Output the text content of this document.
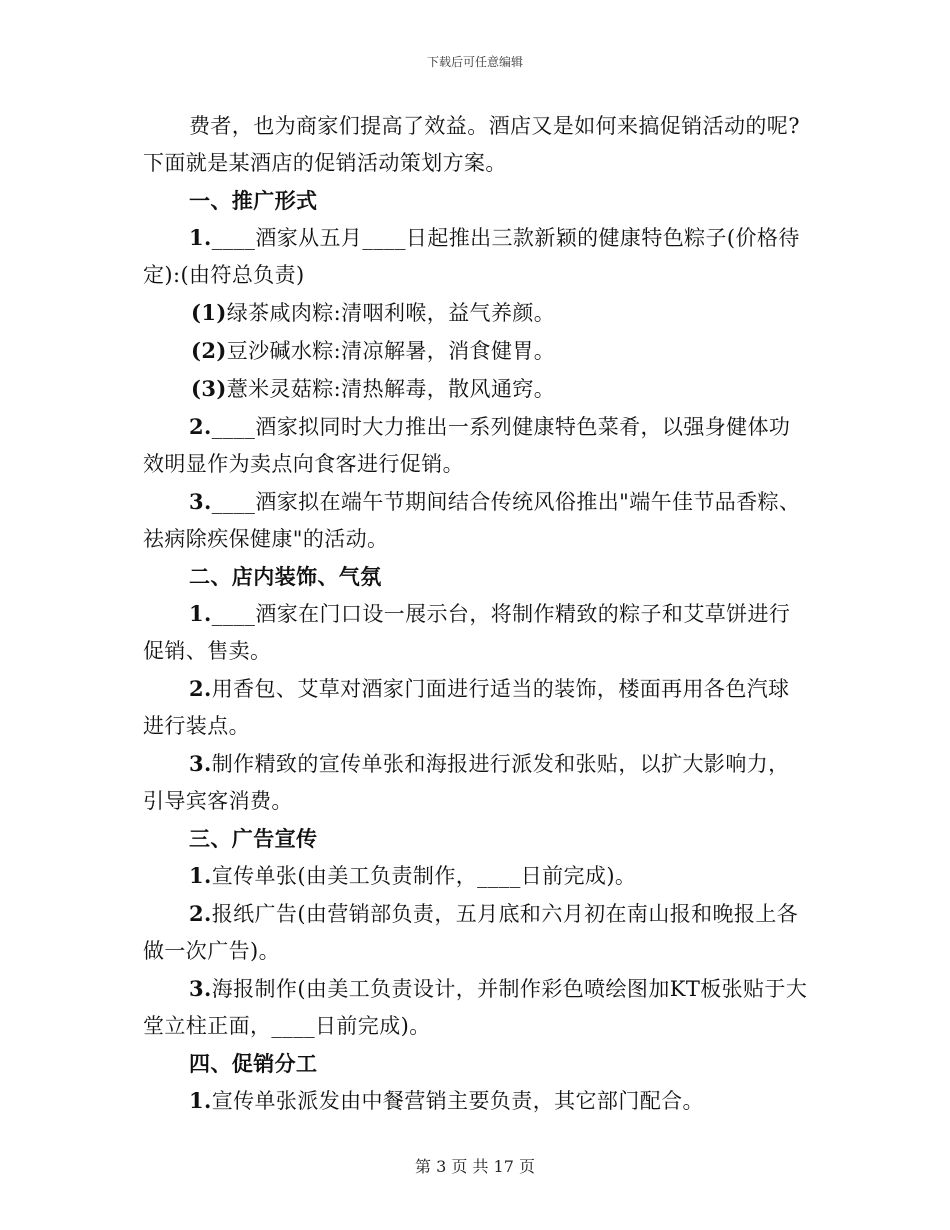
下载后可任意编辑

费者，也为商家们提高了效益。酒店又是如何来搞促销活动的呢?下面就是某酒店的促销活动策划方案。

一、推广形式

1.____酒家从五月____日起推出三款新颖的健康特色粽子(价格待定):(由符总负责)

(1)绿茶咸肉粽:清咽利喉，益气养颜。

(2)豆沙碱水粽:清凉解暑，消食健胃。

(3)薏米灵菇粽:清热解毒，散风通窍。

2.____酒家拟同时大力推出一系列健康特色菜肴，以强身健体功效明显作为卖点向食客进行促销。

3.____酒家拟在端午节期间结合传统风俗推出"端午佳节品香粽、祛病除疾保健康"的活动。

二、店内装饰、气氛

1.____酒家在门口设一展示台，将制作精致的粽子和艾草饼进行促销、售卖。

2.用香包、艾草对酒家门面进行适当的装饰，楼面再用各色汽球进行装点。

3.制作精致的宣传单张和海报进行派发和张贴，以扩大影响力，引导宾客消费。

三、广告宣传

1.宣传单张(由美工负责制作，____日前完成)。

2.报纸广告(由营销部负责，五月底和六月初在南山报和晚报上各做一次广告)。

3.海报制作(由美工负责设计，并制作彩色喷绘图加KT板张贴于大堂立柱正面，____日前完成)。

四、促销分工

1.宣传单张派发由中餐营销主要负责，其它部门配合。

第 3 页 共 17 页
